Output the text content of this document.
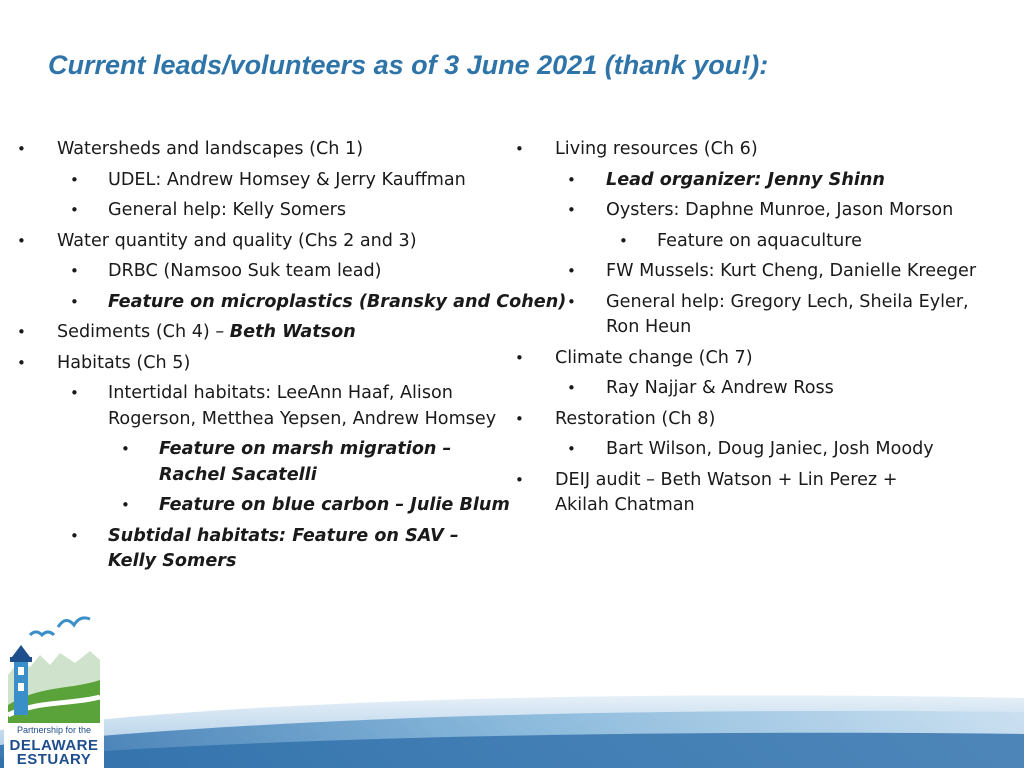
Current leads/volunteers as of 3 June 2021 (thank you!):
• Watersheds and landscapes (Ch 1)
• UDEL: Andrew Homsey & Jerry Kauffman
• General help: Kelly Somers
• Water quantity and quality (Chs 2 and 3)
• DRBC (Namsoo Suk team lead)
• Feature on microplastics (Bransky and Cohen)
• Sediments (Ch 4) – Beth Watson
• Habitats (Ch 5)
• Intertidal habitats: LeeAnn Haaf, Alison Rogerson, Metthea Yepsen, Andrew Homsey
• Feature on marsh migration – Rachel Sacatelli
• Feature on blue carbon – Julie Blum
• Subtidal habitats: Feature on SAV – Kelly Somers
• Living resources (Ch 6)
• Lead organizer: Jenny Shinn
• Oysters: Daphne Munroe, Jason Morson
• Feature on aquaculture
• FW Mussels: Kurt Cheng, Danielle Kreeger
• General help: Gregory Lech, Sheila Eyler, Ron Heun
• Climate change (Ch 7)
• Ray Najjar & Andrew Ross
• Restoration (Ch 8)
• Bart Wilson, Doug Janiec, Josh Moody
• DEIJ audit – Beth Watson + Lin Perez + Akilah Chatman
Partnership for the
DELAWARE
ESTUARY
